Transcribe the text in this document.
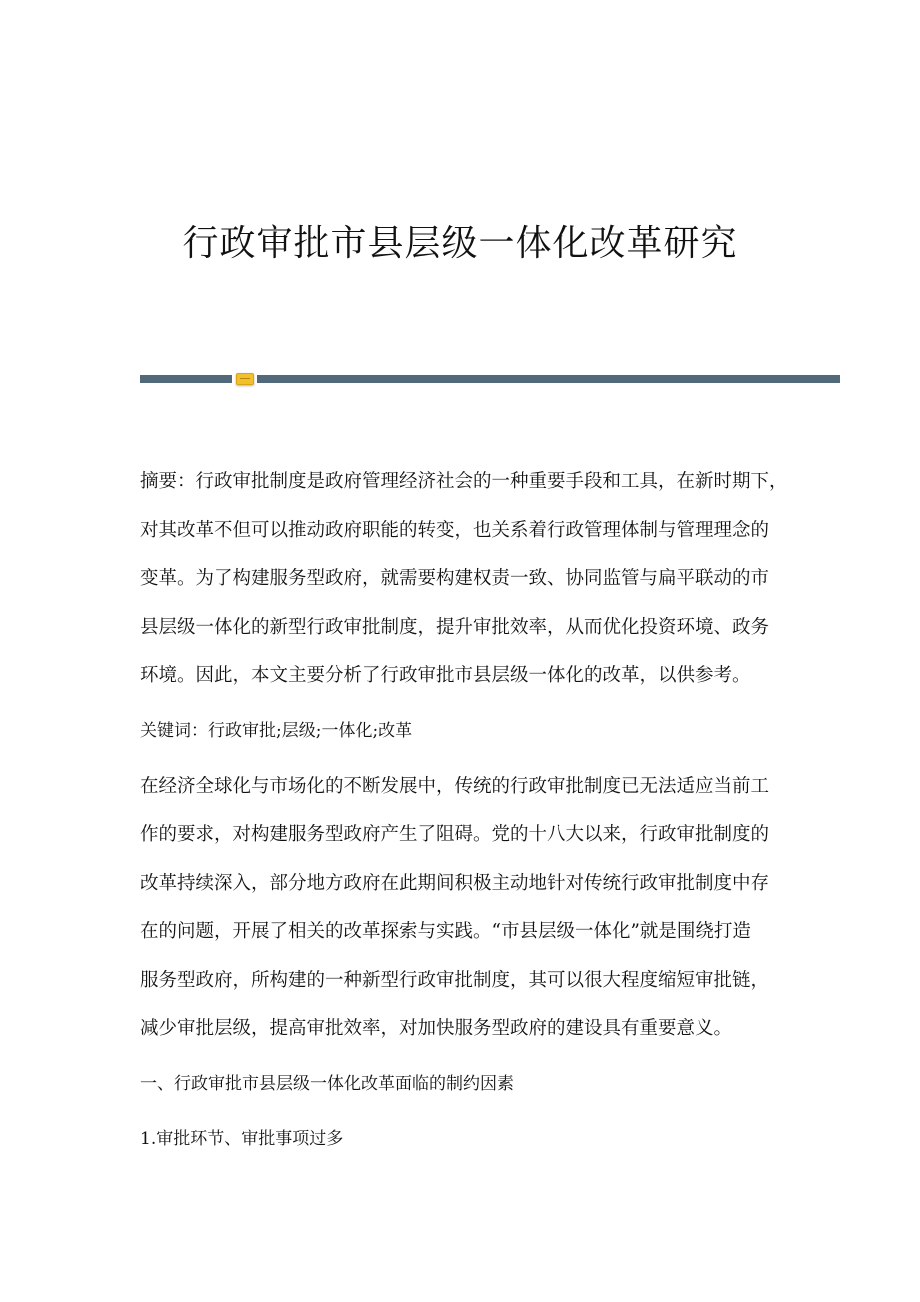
行政审批市县层级一体化改革研究
摘要：行政审批制度是政府管理经济社会的一种重要手段和工具，在新时期下，
对其改革不但可以推动政府职能的转变，也关系着行政管理体制与管理理念的
变革。为了构建服务型政府，就需要构建权责一致、协同监管与扁平联动的市
县层级一体化的新型行政审批制度，提升审批效率，从而优化投资环境、政务
环境。因此，本文主要分析了行政审批市县层级一体化的改革，以供参考。
关键词：行政审批;层级;一体化;改革
在经济全球化与市场化的不断发展中，传统的行政审批制度已无法适应当前工
作的要求，对构建服务型政府产生了阻碍。党的十八大以来，行政审批制度的
改革持续深入，部分地方政府在此期间积极主动地针对传统行政审批制度中存
在的问题，开展了相关的改革探索与实践。“市县层级一体化”就是围绕打造
服务型政府，所构建的一种新型行政审批制度，其可以很大程度缩短审批链，
减少审批层级，提高审批效率，对加快服务型政府的建设具有重要意义。
一、行政审批市县层级一体化改革面临的制约因素
1.审批环节、审批事项过多
